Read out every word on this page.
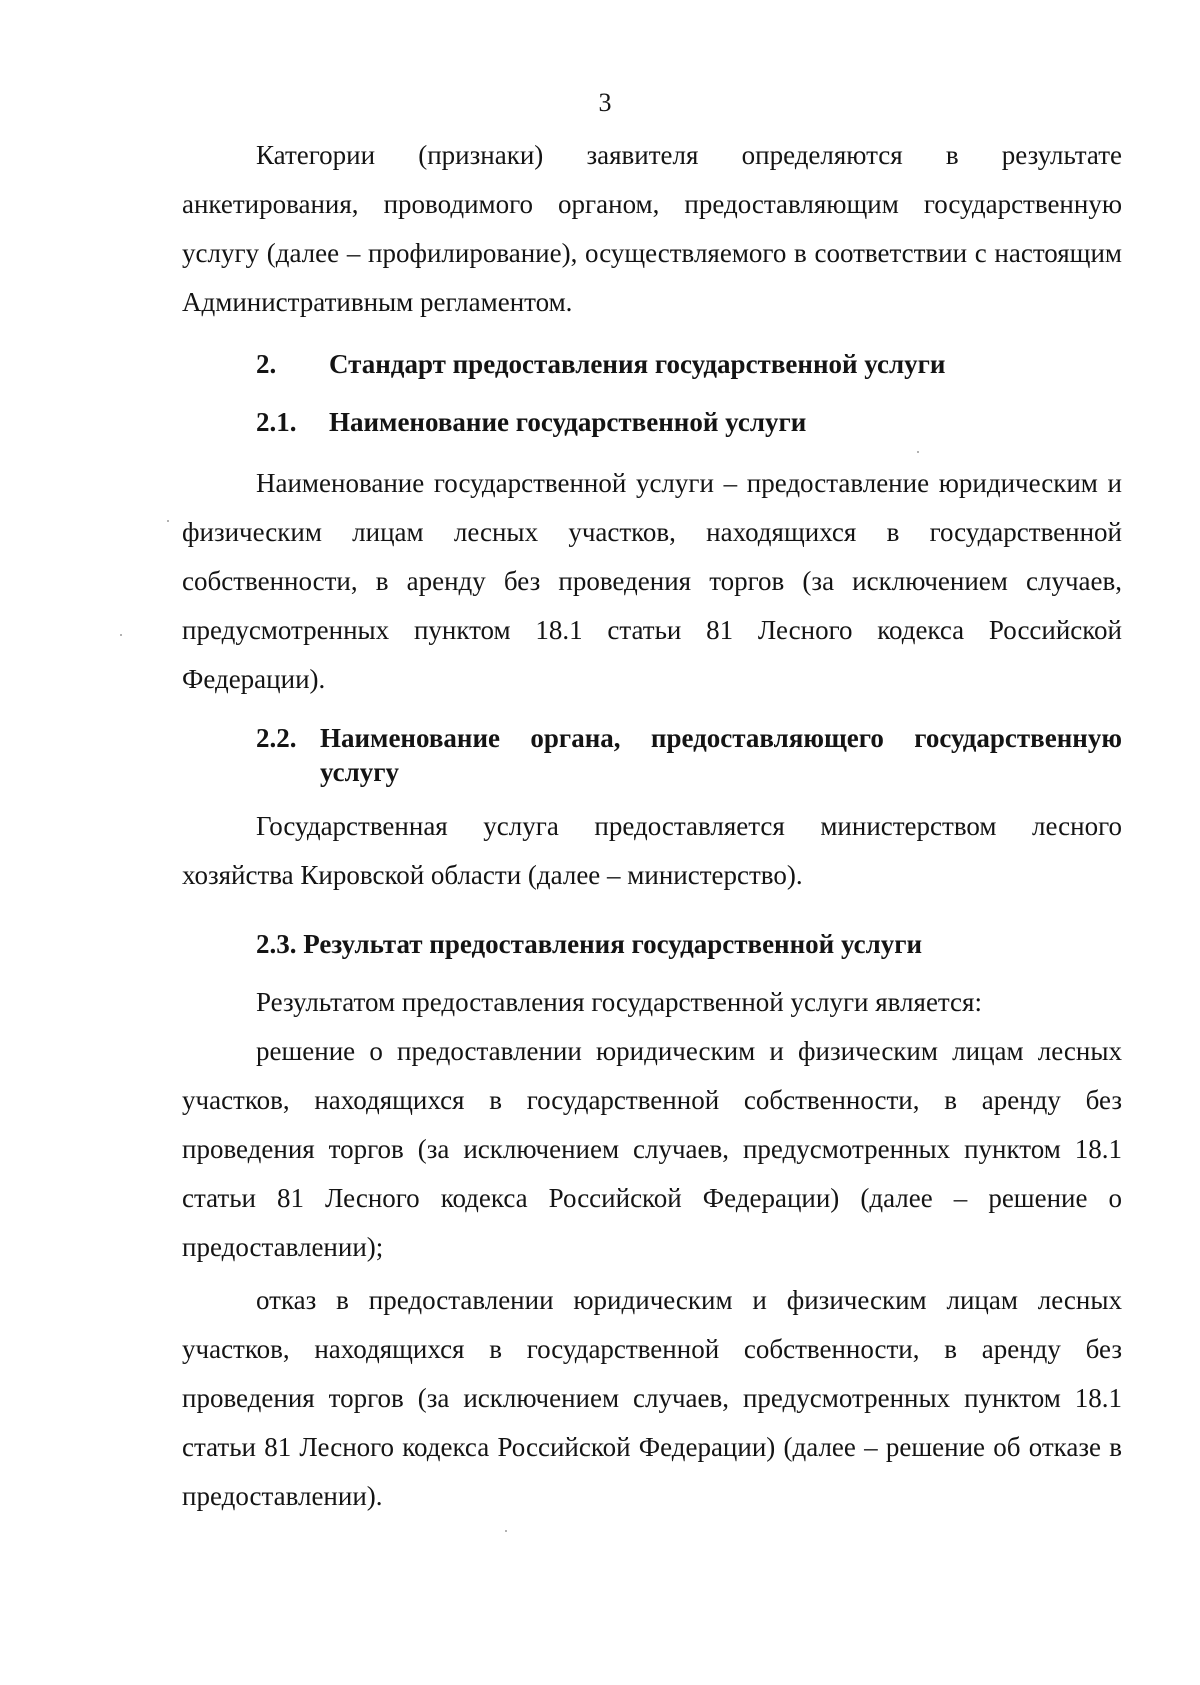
3

Категории (признаки) заявителя определяются в результате анкетирования, проводимого органом, предоставляющим государственную услугу (далее – профилирование), осуществляемого в соответствии с настоящим Административным регламентом.

2. Стандарт предоставления государственной услуги
2.1. Наименование государственной услуги

Наименование государственной услуги – предоставление юридическим и физическим лицам лесных участков, находящихся в государственной собственности, в аренду без проведения торгов (за исключением случаев, предусмотренных пунктом 18.1 статьи 81 Лесного кодекса Российской Федерации).

2.2. Наименование органа, предоставляющего государственную услугу

Государственная услуга предоставляется министерством лесного хозяйства Кировской области (далее – министерство).

2.3. Результат предоставления государственной услуги

Результатом предоставления государственной услуги является:

решение о предоставлении юридическим и физическим лицам лесных участков, находящихся в государственной собственности, в аренду без проведения торгов (за исключением случаев, предусмотренных пунктом 18.1 статьи 81 Лесного кодекса Российской Федерации) (далее – решение о предоставлении);

отказ в предоставлении юридическим и физическим лицам лесных участков, находящихся в государственной собственности, в аренду без проведения торгов (за исключением случаев, предусмотренных пунктом 18.1 статьи 81 Лесного кодекса Российской Федерации) (далее – решение об отказе в предоставлении).
